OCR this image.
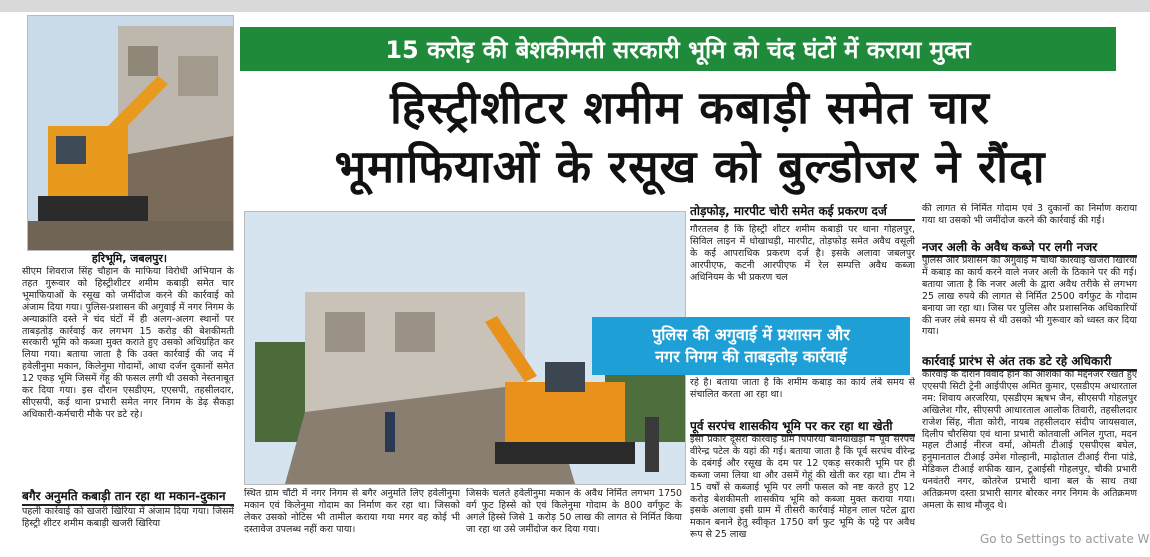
हरिभूमि, जबलपुर।
15 करोड़ की बेशकीमती सरकारी भूमि को चंद घंटों में कराया मुक्त
हिस्ट्रीशीटर शमीम कबाड़ी समेत चार
भूमाफियाओं के रसूख को बुल्डोजर ने रौंदा
पुलिस की अगुवाई में प्रशासन और
नगर निगम की ताबड़तोड़ कार्रवाई
सीएम शिवराज सिंह चौहान के माफिया विरोधी अभियान के तहत गुरूवार को हिस्ट्रीशीटर शमीम कबाड़ी समेत चार भूमाफियाओं के रसूख को जमींदोज करने की कार्रवाई को अंजाम दिया गया। पुलिस-प्रशासन की अगुवाई में नगर निगम के अन्याक्रांति दस्ते ने चंद घंटों में ही अलग-अलग स्थानों पर ताबड़तोड़ कार्रवाई कर लगभग 15 करोड़ की बेशकीमती सरकारी भूमि को कब्जा मुक्त कराते हुए उसको अधिग्रहित कर लिया गया। बताया जाता है कि उक्त कार्रवाई की जद में हवेलीनुमा मकान, किलेनुमा गोदामों, आधा दर्जन दुकानों समेत 12 एकड़ भूमि जिसमें गेंहू की फसल लगी थी उसको नेस्तनाबूत कर दिया गया। इस दौरान एसडीएम, एएसपी, तहसीलदार, सीएसपी, कई थाना प्रभारी समेत नगर निगम के डेढ़ सैकड़ा अधिकारी-कर्मचारी मौके पर डटे रहे।
बगैर अनुमति कबाड़ी तान रहा था मकान-दुकान
पहली कार्रवाई को खजरी खिरिया में अंजाम दिया गया। जिसमें हिस्ट्री शीटर शमीम कबाड़ी खजरी खिरिया
स्थित ग्राम चौंटी में नगर निगम से बगैर अनुमति लिए हवेलीनुमा मकान एवं किलेनुमा गोदाम का निर्माण कर रहा था। जिसको लेकर उसको नोटिस भी तामील कराया गया मगर वह कोई भी दस्तावेज उपलब्ध नहीं करा पाया।
जिसके चलते हवेलीनुमा मकान के अवैध निर्मित लगभग 1750 वर्ग फुट हिस्से को एवं किलेनुमा गोदाम के 800 वर्गफुट के अगले हिस्से जिसे 1 करोड़ 50 लाख की लागत से निर्मित किया जा रहा था उसे जमींदोज कर दिया गया।
तोड़फोड़, मारपीट चोरी समेत कई प्रकरण दर्ज
गौरतलब है कि हिस्ट्री शीटर शमीम कबाड़ी पर थाना गोहलपुर, सिविल लाइन में धोखाधड़ी, मारपीट, तोड़फोड़ समेत अवैध वसूली के कई आपराधिक प्रकरण दर्ज है। इसके अलावा जबलपुर आरपीएफ, कटनी आरपीएफ में रेल सम्पत्ति अवैध कब्जा अधिनियम के भी प्रकरण चल
रहे है। बताया जाता है कि शमीम कबाड़ का कार्य लंबे समय से संचालित करता आ रहा था।
पूर्व सरपंच शासकीय भूमि पर कर रहा था खेती
इसी प्रकार दूसरी कार्रवाई ग्राम पिपरिया बनियाखेड़ा में पूर्व सरपंच वीरेन्द्र पटेल के यहां की गई। बताया जाता है कि पूर्व सरपंच वीरेन्द्र के दबंगई और रसूख के दम पर 12 एकड़ सरकारी भूमि पर ही कब्जा जमा लिया था और उसमें गेहूं की खेती कर रहा था। टीम ने 15 वर्षों से कब्जाई भूमि पर लगी फसल को नष्ट करते हुए 12 करोड़ बेशकीमती शासकीय भूमि को कब्जा मुक्त कराया गया। इसके अलावा इसी ग्राम में तीसरी कार्रवाई मोहन लाल पटेल द्वारा मकान बनाने हेतु स्वीकृत 1750 वर्ग फुट भूमि के पट्टे पर अवैध रूप से 25 लाख
की लागत से निर्मित गोदाम एवं 3 दुकानों का निर्माण कराया गया था उसको भी जमींदोज करने की कार्रवाई की गई।
नजर अली के अवैध कब्जे पर लगी नजर
पुलिस और प्रशासन की अगुवाई में चौथी कार्रवाई खजरी खिरिया में कबाड़ का कार्य करने वाले नजर अली के ठिकाने पर की गई। बताया जाता है कि नजर अली के द्वारा अवैध तरीके से लगभग 25 लाख रुपये की लागत से निर्मित 2500 वर्गफुट के गोदाम बनाया जा रहा था। जिस पर पुलिस और प्रशासनिक अधिकारियों की नजर लंबे समय से थी उसको भी गुरूवार को ध्वस्त कर दिया गया।
कार्रवाई प्रारंभ से अंत तक डटे रहे अधिकारी
कार्रवाई के दौरान विवाद होने की आशंका को मद्देनजर रखते हुए एएसपी सिटी ट्रेनी आईपीएस अमित कुमार, एसडीएम अधारताल नम: शिवाय अरजरिया, एसडीएम ऋषभ जैन, सीएसपी गोहलपुर अखिलेश गौर, सीएसपी आधारताल आलोक तिवारी, तहसीलदार राजेश सिंह, नीता कोरी, नायब तहसीलदार संदीप जायसवाल, दिलीप चौरसिया एवं थाना प्रभारी कोतवाली अनिल गुप्ता, मदन महल टीआई नीरज वर्मा, ओमती टीआई एसपीएस बघेल, हनुमानताल टीआई उमेश गोल्हानी, माढ़ोताल टीआई रीना पांडे, मेडिकल टीआई शफीक खान, टूआईसी गोहलपुर, चौकी प्रभारी धनवंतरी नगर, कोतरेज प्रभारी थाना बल के साथ तथा अतिक्रमण दस्ता प्रभारी सागर बोरकर नगर निगम के अतिक्रमण अमला के साथ मौजूद थे।
Go to Settings to activate W
